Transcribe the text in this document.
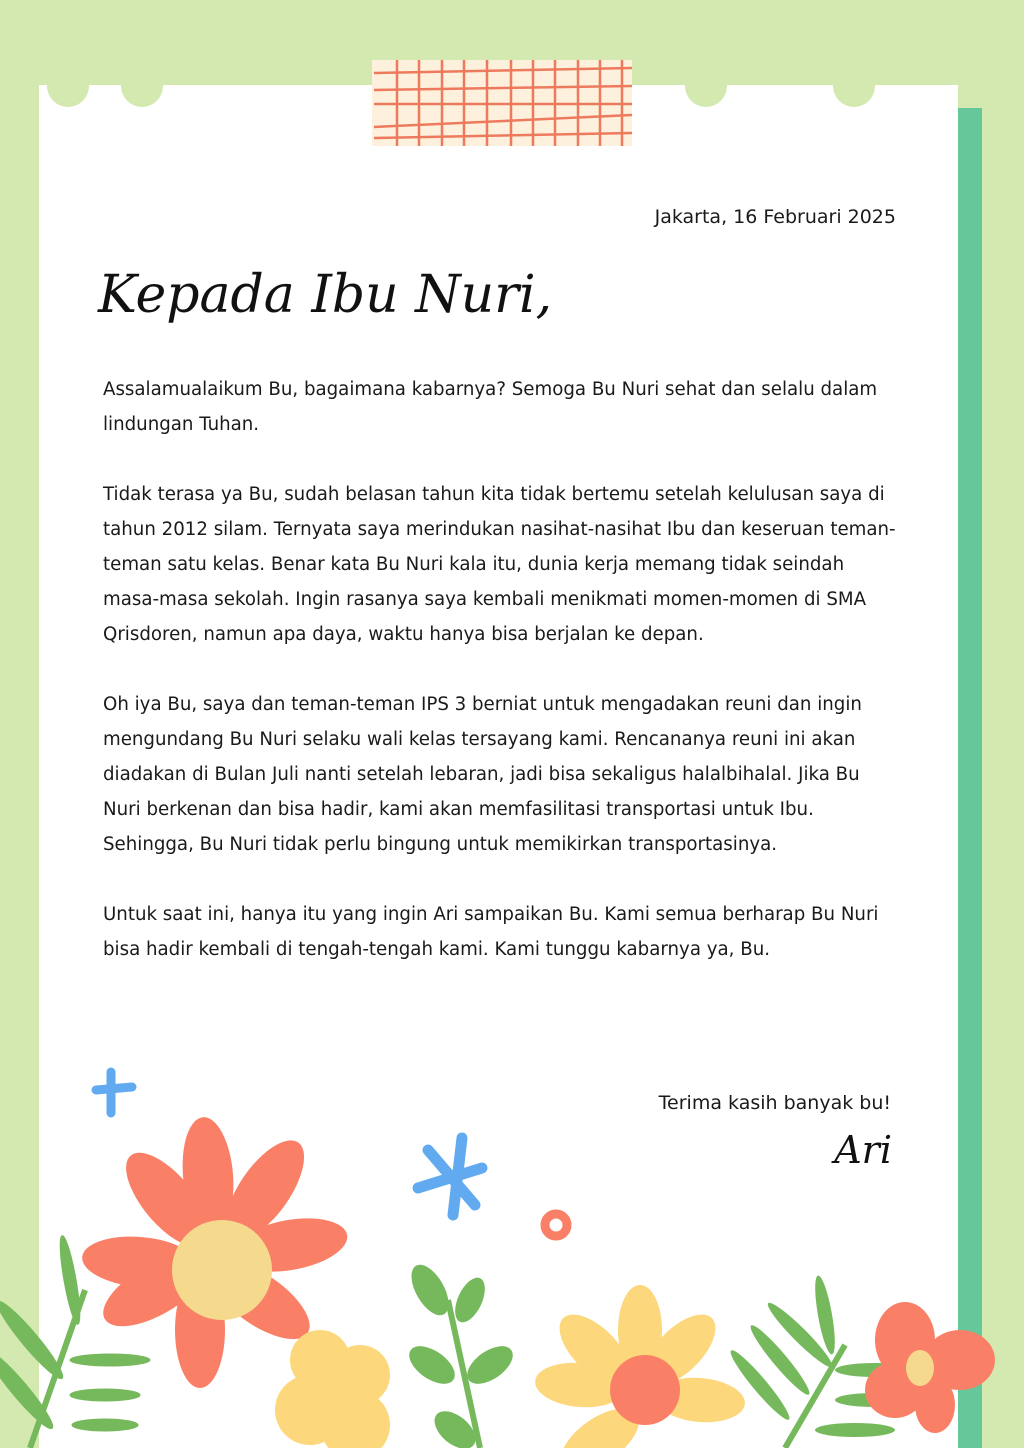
Jakarta, 16 Februari 2025
Kepada Ibu Nuri,

Assalamualaikum Bu, bagaimana kabarnya? Semoga Bu Nuri sehat dan selalu dalam lindungan Tuhan.

Tidak terasa ya Bu, sudah belasan tahun kita tidak bertemu setelah kelulusan saya di tahun 2012 silam. Ternyata saya merindukan nasihat-nasihat Ibu dan keseruan teman-teman satu kelas. Benar kata Bu Nuri kala itu, dunia kerja memang tidak seindah masa-masa sekolah. Ingin rasanya saya kembali menikmati momen-momen di SMA Qrisdoren, namun apa daya, waktu hanya bisa berjalan ke depan.

Oh iya Bu, saya dan teman-teman IPS 3 berniat untuk mengadakan reuni dan ingin mengundang Bu Nuri selaku wali kelas tersayang kami. Rencananya reuni ini akan diadakan di Bulan Juli nanti setelah lebaran, jadi bisa sekaligus halalbihalal. Jika Bu Nuri berkenan dan bisa hadir, kami akan memfasilitasi transportasi untuk Ibu. Sehingga, Bu Nuri tidak perlu bingung untuk memikirkan transportasinya.

Untuk saat ini, hanya itu yang ingin Ari sampaikan Bu. Kami semua berharap Bu Nuri bisa hadir kembali di tengah-tengah kami. Kami tunggu kabarnya ya, Bu.

Terima kasih banyak bu!
Ari
